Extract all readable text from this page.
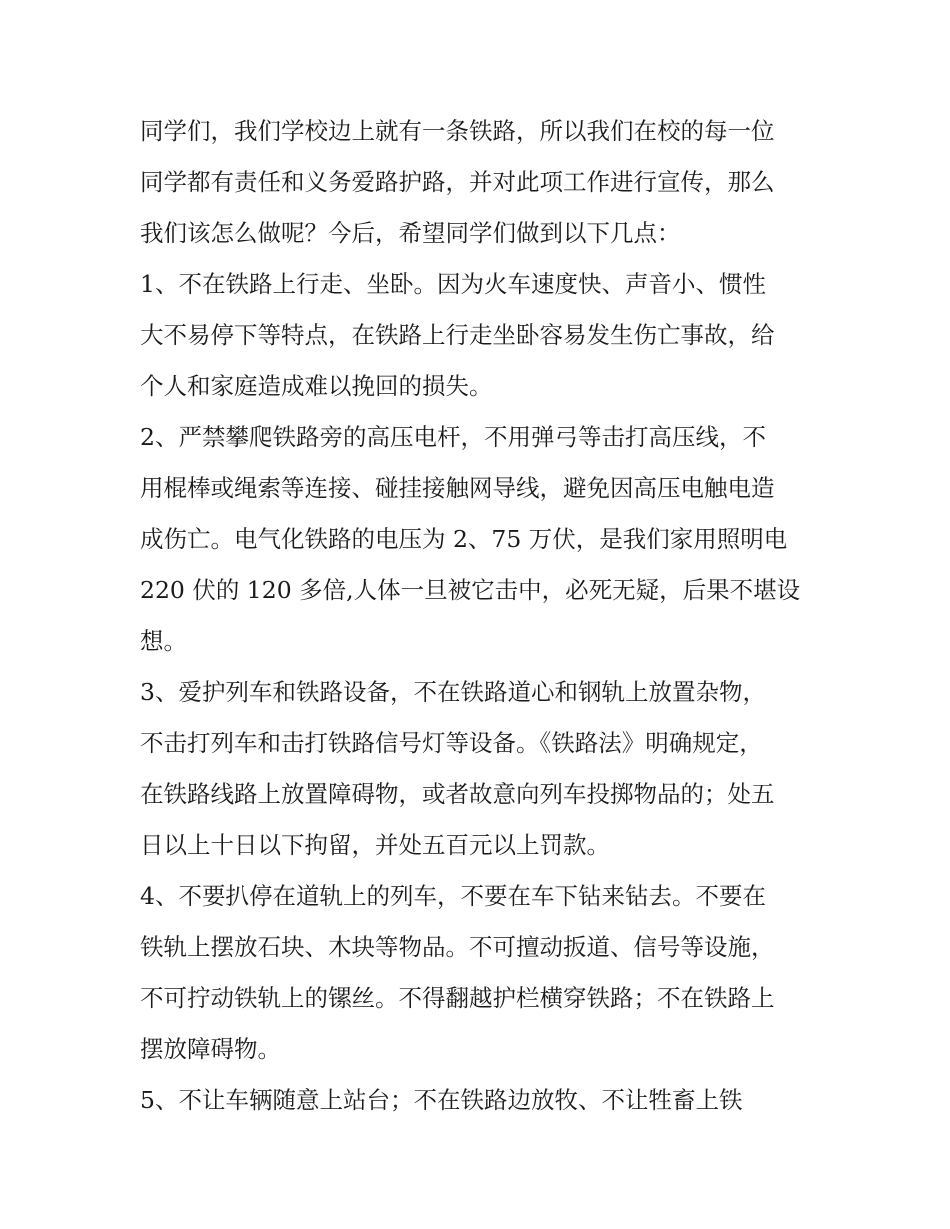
同学们，我们学校边上就有一条铁路，所以我们在校的每一位
同学都有责任和义务爱路护路，并对此项工作进行宣传，那么
我们该怎么做呢？今后，希望同学们做到以下几点：
1、不在铁路上行走、坐卧。因为火车速度快、声音小、惯性
大不易停下等特点，在铁路上行走坐卧容易发生伤亡事故，给
个人和家庭造成难以挽回的损失。
2、严禁攀爬铁路旁的高压电杆，不用弹弓等击打高压线，不
用棍棒或绳索等连接、碰挂接触网导线，避免因高压电触电造
成伤亡。电气化铁路的电压为 2、75 万伏，是我们家用照明电
220 伏的 120 多倍,人体一旦被它击中，必死无疑，后果不堪设
想。
3、爱护列车和铁路设备，不在铁路道心和钢轨上放置杂物，
不击打列车和击打铁路信号灯等设备。《铁路法》明确规定，
在铁路线路上放置障碍物，或者故意向列车投掷物品的；处五
日以上十日以下拘留，并处五百元以上罚款。
4、不要扒停在道轨上的列车，不要在车下钻来钻去。不要在
铁轨上摆放石块、木块等物品。不可擅动扳道、信号等设施，
不可拧动铁轨上的镙丝。不得翻越护栏横穿铁路；不在铁路上
摆放障碍物。
5、不让车辆随意上站台；不在铁路边放牧、不让牲畜上铁
